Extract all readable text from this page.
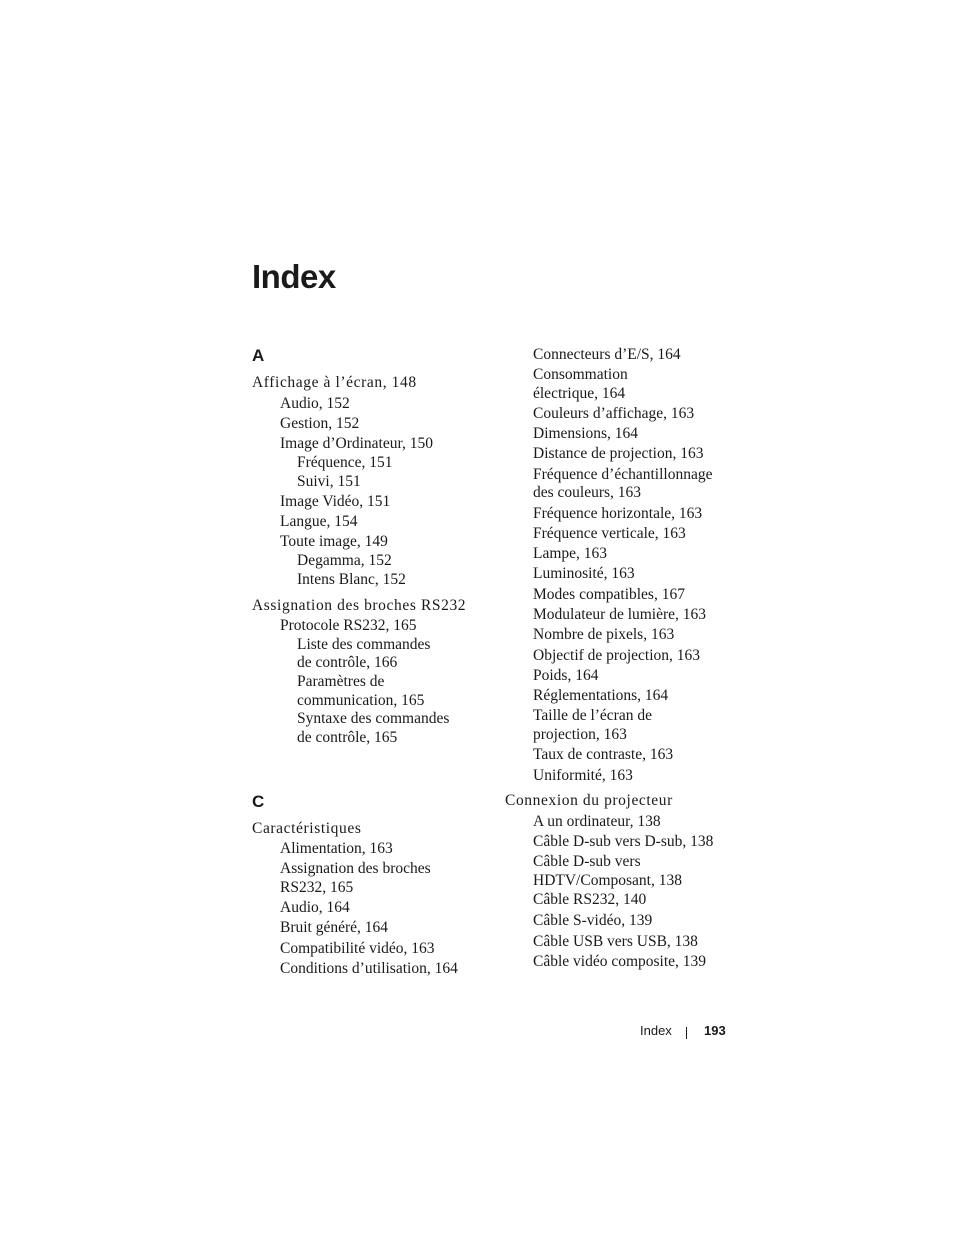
Index
A
Affichage à l’écran, 148
Audio, 152
Gestion, 152
Image d’Ordinateur, 150
Fréquence, 151
Suivi, 151
Image Vidéo, 151
Langue, 154
Toute image, 149
Degamma, 152
Intens Blanc, 152
Assignation des broches RS232
Protocole RS232, 165
Liste des commandes
de contrôle, 166
Paramètres de
communication, 165
Syntaxe des commandes
de contrôle, 165
C
Caractéristiques
Alimentation, 163
Assignation des broches
RS232, 165
Audio, 164
Bruit généré, 164
Compatibilité vidéo, 163
Conditions d’utilisation, 164
Connecteurs d’E/S, 164
Consommation
électrique, 164
Couleurs d’affichage, 163
Dimensions, 164
Distance de projection, 163
Fréquence d’échantillonnage
des couleurs, 163
Fréquence horizontale, 163
Fréquence verticale, 163
Lampe, 163
Luminosité, 163
Modes compatibles, 167
Modulateur de lumière, 163
Nombre de pixels, 163
Objectif de projection, 163
Poids, 164
Réglementations, 164
Taille de l’écran de
projection, 163
Taux de contraste, 163
Uniformité, 163
Connexion du projecteur
A un ordinateur, 138
Câble D-sub vers D-sub, 138
Câble D-sub vers
HDTV/Composant, 138
Câble RS232, 140
Câble S-vidéo, 139
Câble USB vers USB, 138
Câble vidéo composite, 139
Index 193
